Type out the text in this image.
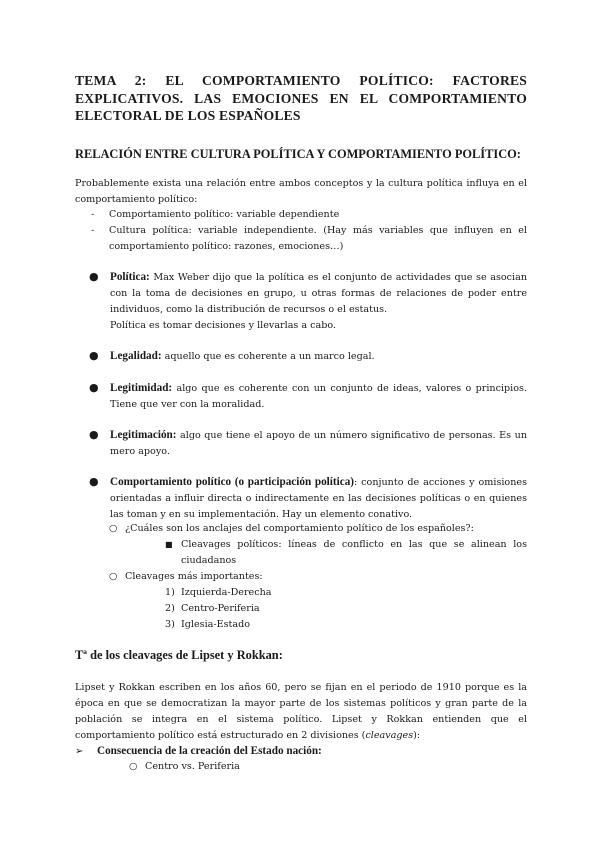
TEMA 2: EL COMPORTAMIENTO POLÍTICO: FACTORES EXPLICATIVOS. LAS EMOCIONES EN EL COMPORTAMIENTO ELECTORAL DE LOS ESPAÑOLES

RELACIÓN ENTRE CULTURA POLÍTICA Y COMPORTAMIENTO POLÍTICO:

Probablemente exista una relación entre ambos conceptos y la cultura política influya en el comportamiento político:

- Comportamiento político: variable dependiente
- Cultura política: variable independiente. (Hay más variables que influyen en el comportamiento político: razones, emociones…)
● Política: Max Weber dijo que la política es el conjunto de actividades que se asocian con la toma de decisiones en grupo, u otras formas de relaciones de poder entre individuos, como la distribución de recursos o el estatus.
Política es tomar decisiones y llevarlas a cabo.
● Legalidad: aquello que es coherente a un marco legal.
● Legitimidad: algo que es coherente con un conjunto de ideas, valores o principios. Tiene que ver con la moralidad.
● Legitimación: algo que tiene el apoyo de un número significativo de personas. Es un mero apoyo.
● Comportamiento político (o participación política): conjunto de acciones y omisiones orientadas a influir directa o indirectamente en las decisiones políticas o en quienes las toman y en su implementación. Hay un elemento conativo.
○ ¿Cuáles son los anclajes del comportamiento político de los españoles?:
■ Cleavages políticos: líneas de conflicto en las que se alinean los ciudadanos
○ Cleavages más importantes:
1) Izquierda-Derecha
2) Centro-Periferia
3) Iglesia-Estado

Tª de los cleavages de Lipset y Rokkan:

Lipset y Rokkan escriben en los años 60, pero se fijan en el periodo de 1910 porque es la época en que se democratizan la mayor parte de los sistemas políticos y gran parte de la población se integra en el sistema político. Lipset y Rokkan entienden que el comportamiento político está estructurado en 2 divisiones (cleavages):

➢ Consecuencia de la creación del Estado nación:
○ Centro vs. Periferia
